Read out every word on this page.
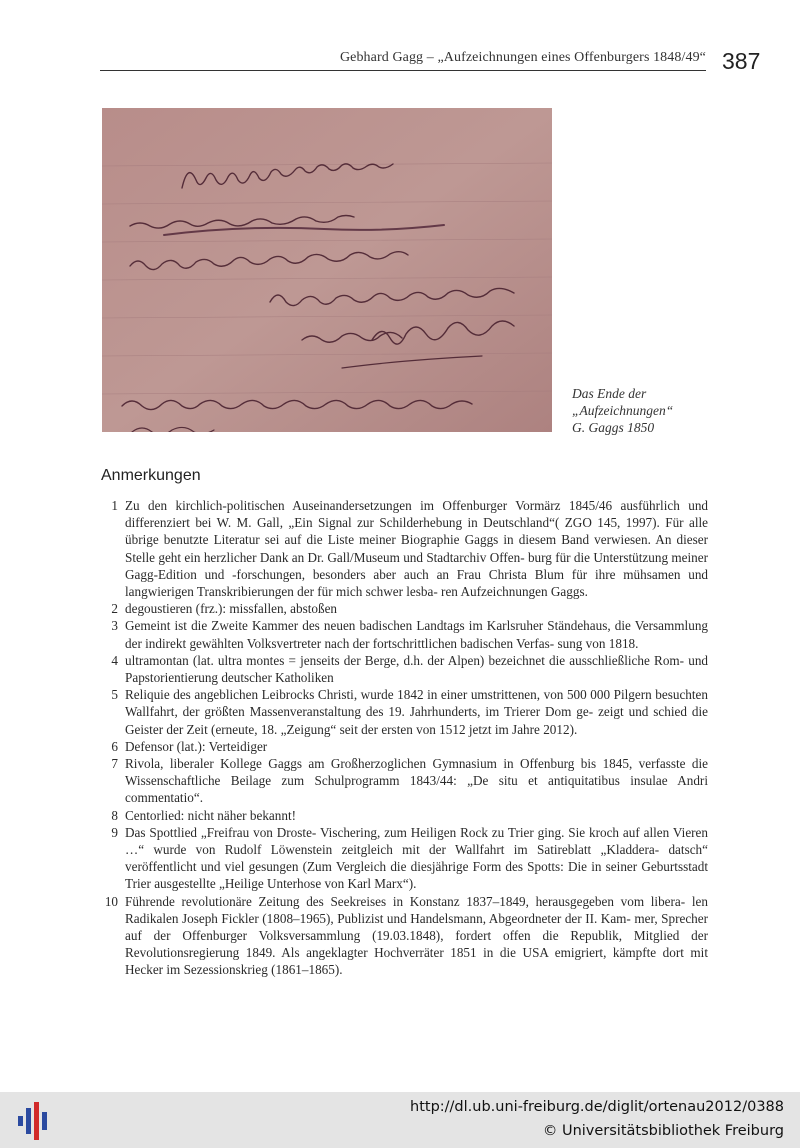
Gebhard Gagg – „Aufzeichnungen eines Offenburgers 1848/49“ 387
Das Ende der
„Aufzeichnungen“
G. Gaggs 1850
Anmerkungen
1 Zu den kirchlich-politischen Auseinandersetzungen im Offenburger Vormärz 1845/46 ausführlich und differenziert bei W. M. Gall, „Ein Signal zur Schilderhebung in Deutschland“( ZGO 145, 1997). Für alle übrige benutzte Literatur sei auf die Liste meiner Biographie Gaggs in diesem Band verwiesen. An dieser Stelle geht ein herzlicher Dank an Dr. Gall/Museum und Stadtarchiv Offen- burg für die Unterstützung meiner Gagg-Edition und -forschungen, besonders aber auch an Frau Christa Blum für ihre mühsamen und langwierigen Transkribierungen der für mich schwer lesba- ren Aufzeichnungen Gaggs.
2 degoustieren (frz.): missfallen, abstoßen
3 Gemeint ist die Zweite Kammer des neuen badischen Landtags im Karlsruher Ständehaus, die Versammlung der indirekt gewählten Volksvertreter nach der fortschrittlichen badischen Verfas- sung von 1818.
4 ultramontan (lat. ultra montes = jenseits der Berge, d.h. der Alpen) bezeichnet die ausschließliche Rom- und Papstorientierung deutscher Katholiken
5 Reliquie des angeblichen Leibrocks Christi, wurde 1842 in einer umstrittenen, von 500 000 Pilgern besuchten Wallfahrt, der größten Massenveranstaltung des 19. Jahrhunderts, im Trierer Dom ge- zeigt und schied die Geister der Zeit (erneute, 18. „Zeigung“ seit der ersten von 1512 jetzt im Jahre 2012).
6 Defensor (lat.): Verteidiger
7 Rivola, liberaler Kollege Gaggs am Großherzoglichen Gymnasium in Offenburg bis 1845, verfasste die Wissenschaftliche Beilage zum Schulprogramm 1843/44: „De situ et antiquitatibus insulae Andri commentatio“.
8 Centorlied: nicht näher bekannt!
9 Das Spottlied „Freifrau von Droste- Vischering, zum Heiligen Rock zu Trier ging. Sie kroch auf allen Vieren …“ wurde von Rudolf Löwenstein zeitgleich mit der Wallfahrt im Satireblatt „Kladdera- datsch“ veröffentlicht und viel gesungen (Zum Vergleich die diesjährige Form des Spotts: Die in seiner Geburtsstadt Trier ausgestellte „Heilige Unterhose von Karl Marx“).
10 Führende revolutionäre Zeitung des Seekreises in Konstanz 1837–1849, herausgegeben vom libera- len Radikalen Joseph Fickler (1808–1965), Publizist und Handelsmann, Abgeordneter der II. Kam- mer, Sprecher auf der Offenburger Volksversammlung (19.03.1848), fordert offen die Republik, Mitglied der Revolutionsregierung 1849. Als angeklagter Hochverräter 1851 in die USA emigriert, kämpfte dort mit Hecker im Sezessionskrieg (1861–1865).
http://dl.ub.uni-freiburg.de/diglit/ortenau2012/0388
© Universitätsbibliothek Freiburg
